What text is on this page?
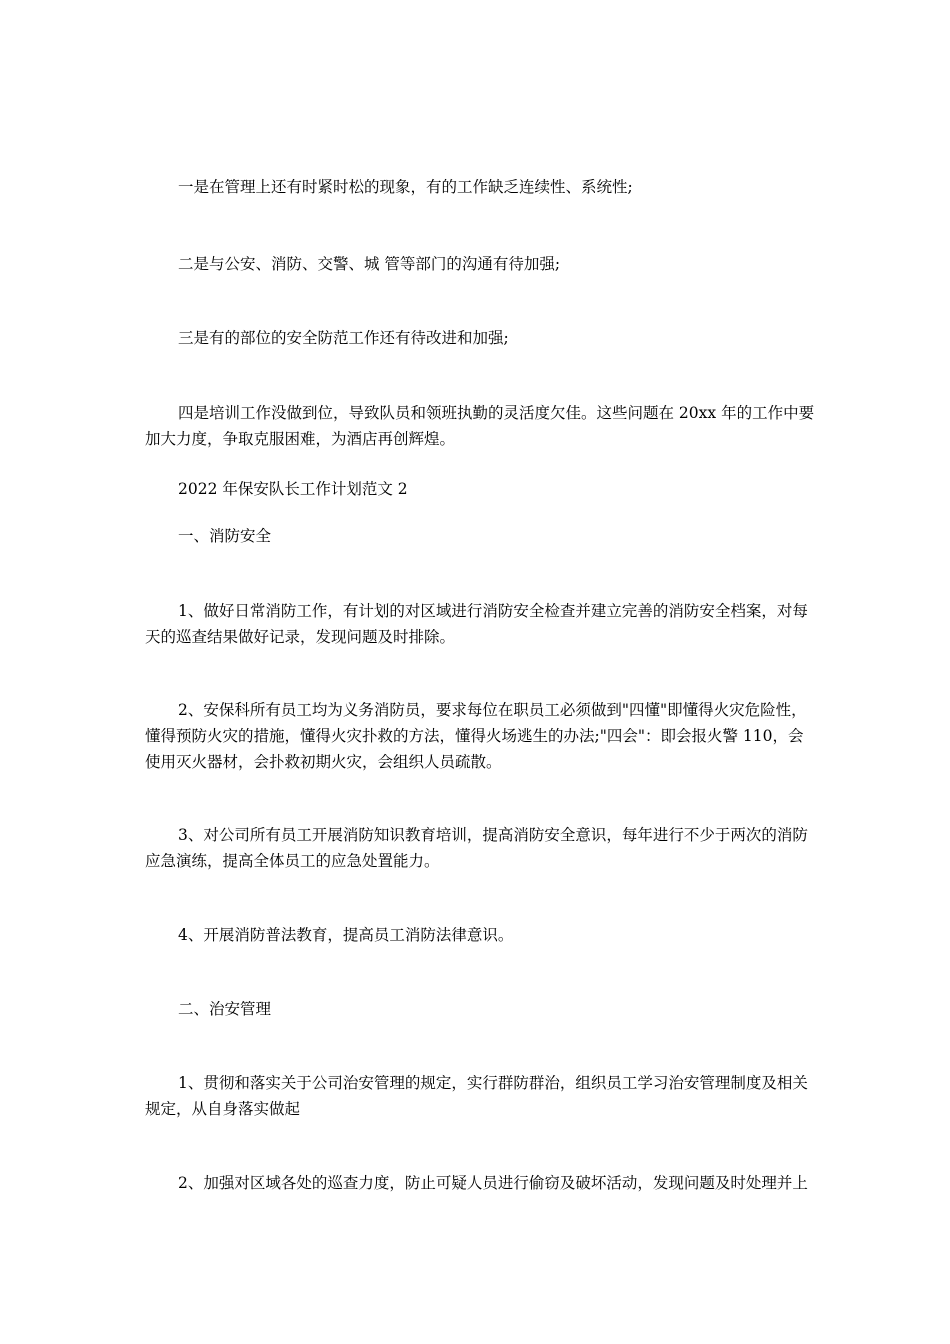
一是在管理上还有时紧时松的现象，有的工作缺乏连续性、系统性;

二是与公安、消防、交警、城 管等部门的沟通有待加强;

三是有的部位的安全防范工作还有待改进和加强;

四是培训工作没做到位，导致队员和领班执勤的灵活度欠佳。这些问题在 20xx 年的工作中要加大力度，争取克服困难，为酒店再创辉煌。

2022 年保安队长工作计划范文 2

一、消防安全

1、做好日常消防工作，有计划的对区域进行消防安全检查并建立完善的消防安全档案，对每天的巡查结果做好记录，发现问题及时排除。

2、安保科所有员工均为义务消防员，要求每位在职员工必须做到"四懂"即懂得火灾危险性，懂得预防火灾的措施，懂得火灾扑救的方法，懂得火场逃生的办法;"四会"：即会报火警 110，会使用灭火器材，会扑救初期火灾，会组织人员疏散。

3、对公司所有员工开展消防知识教育培训，提高消防安全意识，每年进行不少于两次的消防应急演练，提高全体员工的应急处置能力。

4、开展消防普法教育，提高员工消防法律意识。

二、治安管理

1、贯彻和落实关于公司治安管理的规定，实行群防群治，组织员工学习治安管理制度及相关规定，从自身落实做起

2、加强对区域各处的巡查力度，防止可疑人员进行偷窃及破坏活动，发现问题及时处理并上
